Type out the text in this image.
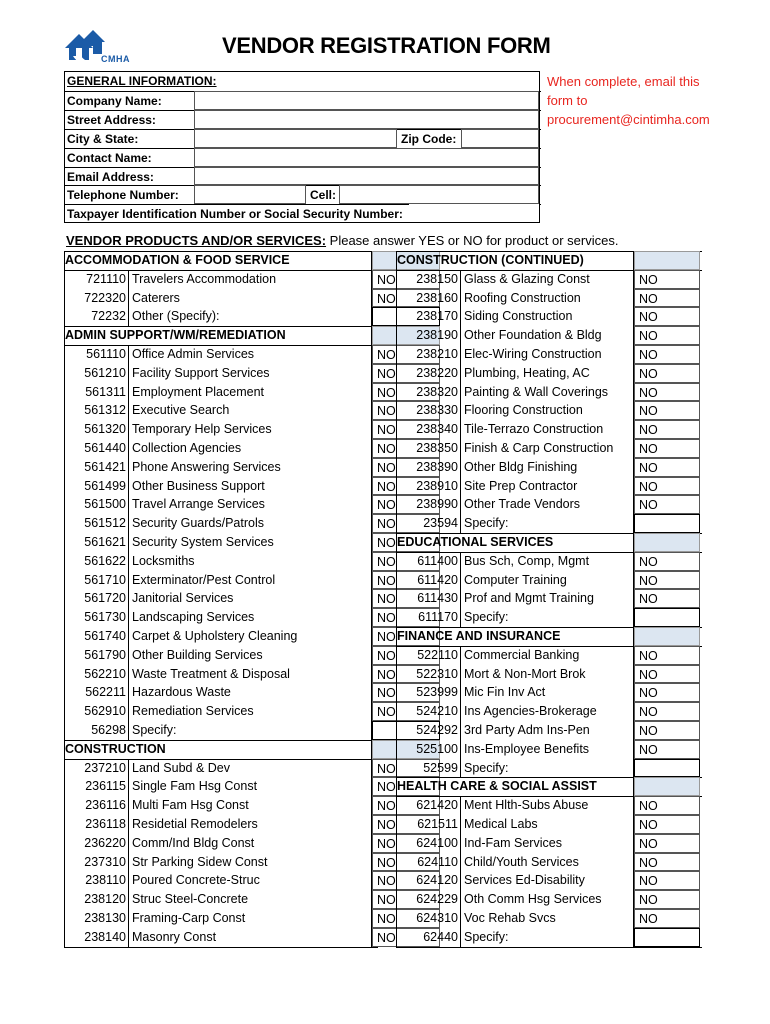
CMHA
VENDOR REGISTRATION FORM
When complete, email this
form to
procurement@cintimha.com
GENERAL INFORMATION:
Company Name:
Street Address:
City & State:	Zip Code:
Contact Name:
Email Address:
Telephone Number:	Cell:
Taxpayer Identification Number or Social Security Number:
VENDOR PRODUCTS AND/OR SERVICES: Please answer YES or NO for product or services.
ACCOMMODATION & FOOD SERVICE
721110 Travelers Accommodation	NO
722320 Caterers	NO
72232 Other (Specify):
ADMIN SUPPORT/WM/REMEDIATION
561110 Office Admin Services	NO
561210 Facility Support Services	NO
561311 Employment Placement	NO
561312 Executive Search	NO
561320 Temporary Help Services	NO
561440 Collection Agencies	NO
561421 Phone Answering Services	NO
561499 Other Business Support	NO
561500 Travel Arrange Services	NO
561512 Security Guards/Patrols	NO
561621 Security System Services	NO
561622 Locksmiths	NO
561710 Exterminator/Pest Control	NO
561720 Janitorial Services	NO
561730 Landscaping Services	NO
561740 Carpet & Upholstery Cleaning	NO
561790 Other Building Services	NO
562210 Waste Treatment & Disposal	NO
562211 Hazardous Waste	NO
562910 Remediation Services	NO
56298 Specify:
CONSTRUCTION
237210 Land Subd & Dev	NO
236115 Single Fam Hsg Const	NO
236116 Multi Fam Hsg Const	NO
236118 Residetial Remodelers	NO
236220 Comm/Ind Bldg Const	NO
237310 Str Parking Sidew Const	NO
238110 Poured Concrete-Struc	NO
238120 Struc Steel-Concrete	NO
238130 Framing-Carp Const	NO
238140 Masonry Const	NO
CONSTRUCTION (CONTINUED)
238150 Glass & Glazing Const	NO
238160 Roofing Construction	NO
238170 Siding Construction	NO
238190 Other Foundation & Bldg	NO
238210 Elec-Wiring Construction	NO
238220 Plumbing, Heating, AC	NO
238320 Painting & Wall Coverings	NO
238330 Flooring Construction	NO
238340 Tile-Terrazo Construction	NO
238350 Finish & Carp Construction	NO
238390 Other Bldg Finishing	NO
238910 Site Prep Contractor	NO
238990 Other Trade Vendors	NO
23594 Specify:
EDUCATIONAL SERVICES
611400 Bus Sch, Comp, Mgmt	NO
611420 Computer Training	NO
611430 Prof and Mgmt Training	NO
611170 Specify:
FINANCE AND INSURANCE
522110 Commercial Banking	NO
522310 Mort & Non-Mort Brok	NO
523999 Mic Fin Inv Act	NO
524210 Ins Agencies-Brokerage	NO
524292 3rd Party Adm Ins-Pen	NO
525100 Ins-Employee Benefits	NO
52599 Specify:
HEALTH CARE & SOCIAL ASSIST
621420 Ment Hlth-Subs Abuse	NO
621511 Medical Labs	NO
624100 Ind-Fam Services	NO
624110 Child/Youth Services	NO
624120 Services Ed-Disability	NO
624229 Oth Comm Hsg Services	NO
624310 Voc Rehab Svcs	NO
62440 Specify:
